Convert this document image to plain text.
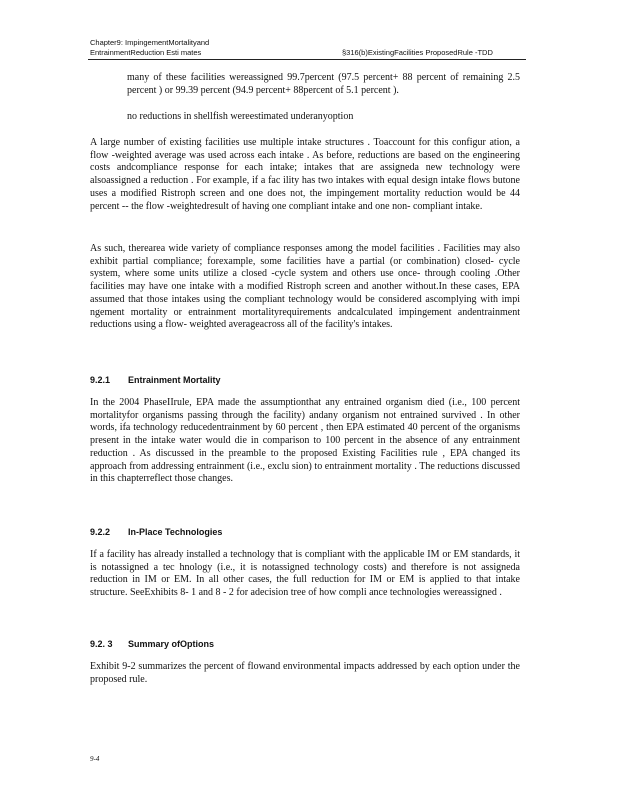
Chapter9: ImpingementMortalityand
EntrainmentReduction Esti mates	§316(b)ExistingFacilities ProposedRule -TDD
many of these facilities wereassigned 99.7percent (97.5 percent+ 88 percent of remaining 2.5 percent ) or 99.39 percent (94.9 percent+ 88percent of 5.1 percent ).
no reductions in shellfish wereestimated underanyoption
A large number of existing facilities use multiple intake structures . Toaccount for this configur ation, a flow -weighted average was used across each intake . As before, reductions are based on the engineering costs andcompliance response for each intake; intakes that are assigneda new technology were alsoassigned a reduction . For example, if a fac ility has two intakes with equal design intake flows butone uses a modified Ristroph screen and one does not, the impingement mortality reduction would be 44 percent -- the flow -weightedresult of having one compliant intake and one non- compliant intake.
As such, therearea wide variety of compliance responses among the model facilities . Facilities may also exhibit partial compliance; forexample, some facilities have a partial (or combination) closed- cycle system, where some units utilize a closed -cycle system and others use once- through cooling .Other facilities may have one intake with a modified Ristroph screen and another without.In these cases, EPA assumed that those intakes using the compliant technology would be considered ascomplying with impi ngement mortality or entrainment mortalityrequirements andcalculated impingement andentrainment reductions using a flow- weighted averageacross all of the facility's intakes.
9.2.1 Entrainment Mortality
In the 2004 PhaseIIrule, EPA made the assumptionthat any entrained organism died (i.e., 100 percent mortalityfor organisms passing through the facility) andany organism not entrained survived . In other words, ifa technology reducedentrainment by 60 percent , then EPA estimated 40 percent of the organisms present in the intake water would die in comparison to 100 percent in the absence of any entrainment reduction . As discussed in the preamble to the proposed Existing Facilities rule , EPA changed its approach from addressing entrainment (i.e., exclu sion) to entrainment mortality . The reductions discussed in this chapterreflect those changes.
9.2.2 In-Place Technologies
If a facility has already installed a technology that is compliant with the applicable IM or EM standards, it is notassigned a tec hnology (i.e., it is notassigned technology costs) and therefore is not assigneda reduction in IM or EM. In all other cases, the full reduction for IM or EM is applied to that intake structure. SeeExhibits 8- 1 and 8 - 2 for adecision tree of how compli ance technologies wereassigned .
9.2. 3 Summary ofOptions
Exhibit 9-2 summarizes the percent of flowand environmental impacts addressed by each option under the proposed rule.
9-4
